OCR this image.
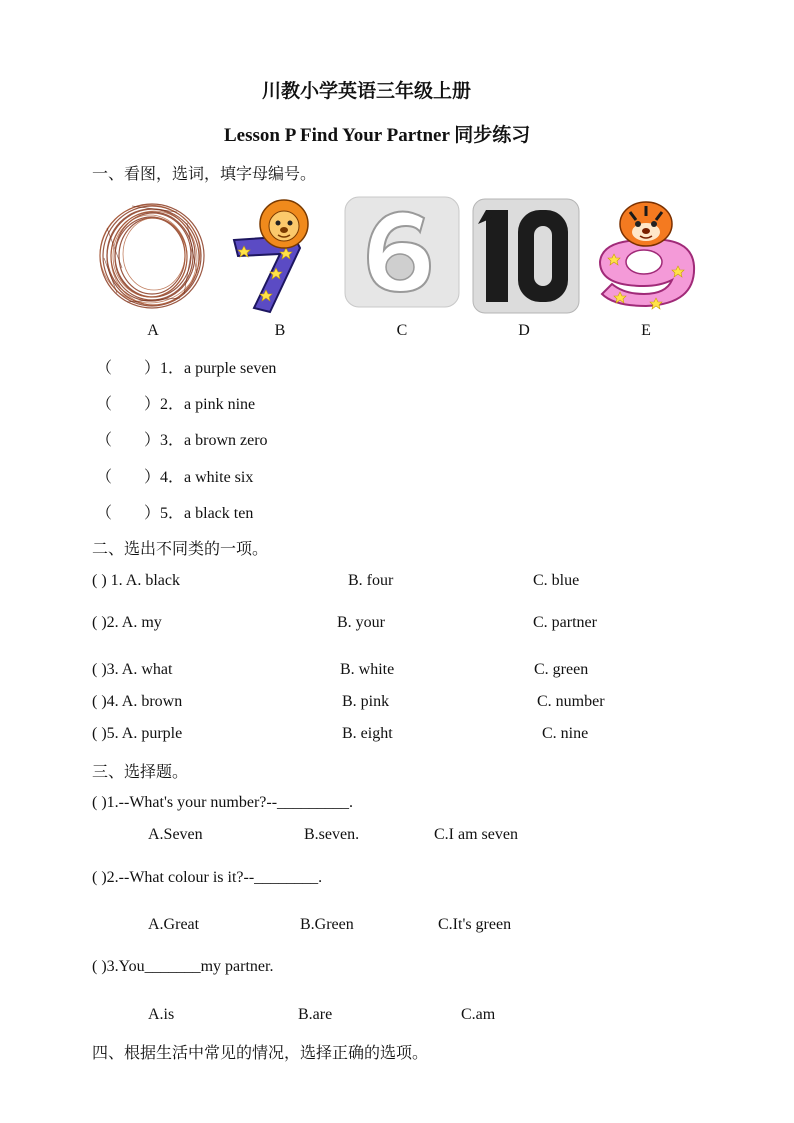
川教小学英语三年级上册
Lesson P Find Your Partner 同步练习
一、看图，选词，填字母编号。
A	B	C	D	E
（　　）1．a purple seven
（　　）2．a pink nine
（　　）3．a brown zero
（　　）4．a white six
（　　）5．a black ten
二、选出不同类的一项。
( ) 1. A. black	B. four	C. blue
( )2. A. my	B. your	C. partner
( )3. A. what	B. white	C. green
( )4. A. brown	B. pink	C. number
( )5. A. purple	B. eight	C. nine
三、选择题。
( )1.--What's your number?--_________.
A.Seven	B.seven.	C.I am seven
( )2.--What colour is it?--________.
A.Great	B.Green	C.It's green
( )3.You_______my partner.
A.is	B.are	C.am
四、根据生活中常见的情况，选择正确的选项。
